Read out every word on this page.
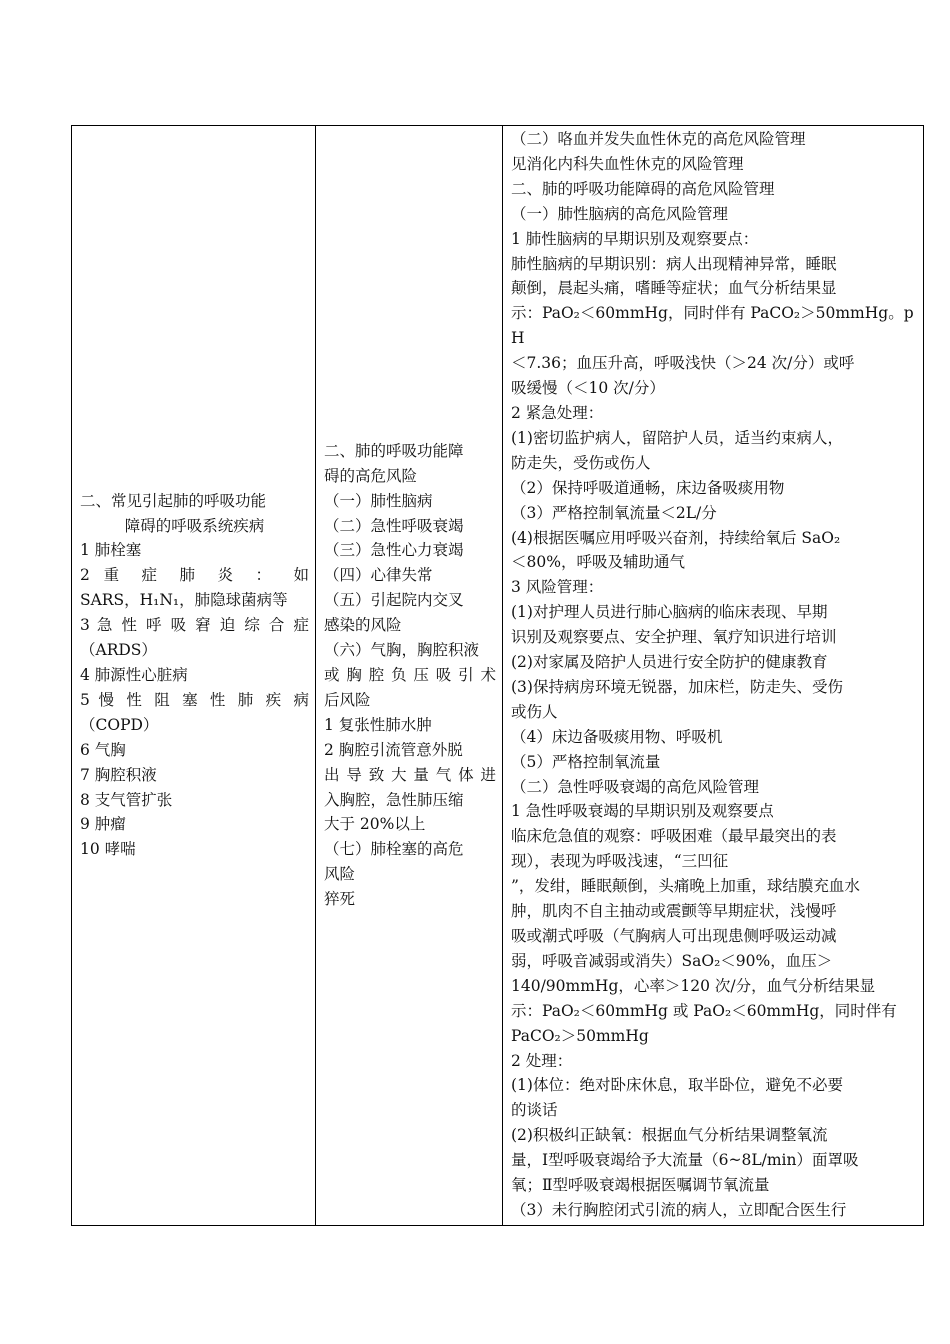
二、常见引起肺的呼吸功能
障碍的呼吸系统疾病
1 肺栓塞
2 重 症 肺 炎 ： 如
SARS，H₁N₁，肺隐球菌病等
3 急 性 呼 吸 窘 迫 综 合 症
（ARDS）
4 肺源性心脏病
5 慢 性 阻 塞 性 肺 疾 病
（COPD）
6 气胸
7 胸腔积液
8 支气管扩张
9 肿瘤
10 哮喘

二、肺的呼吸功能障
碍的高危风险
（一）肺性脑病
（二）急性呼吸衰竭
（三）急性心力衰竭
（四）心律失常
（五）引起院内交叉
感染的风险
（六）气胸，胸腔积液
或胸腔负压吸引术
后风险
1 复张性肺水肿
2 胸腔引流管意外脱
出导致大量气体进
入胸腔，急性肺压缩
大于 20%以上
（七）肺栓塞的高危
风险
猝死

（二）咯血并发失血性休克的高危风险管理
见消化内科失血性休克的风险管理
二、肺的呼吸功能障碍的高危风险管理
（一）肺性脑病的高危风险管理
1 肺性脑病的早期识别及观察要点：
肺性脑病的早期识别：病人出现精神异常，睡眠
颠倒，晨起头痛，嗜睡等症状；血气分析结果显
示：PaO₂＜60mmHg，同时伴有 PaCO₂＞50mmHg。pH
＜7.36；血压升高，呼吸浅快（＞24 次/分）或呼
吸缓慢（＜10 次/分）
2 紧急处理：
(1)密切监护病人，留陪护人员，适当约束病人，
防走失，受伤或伤人
（2）保持呼吸道通畅，床边备吸痰用物
（3）严格控制氧流量＜2L/分
(4)根据医嘱应用呼吸兴奋剂，持续给氧后 SaO₂
＜80%，呼吸及辅助通气
3 风险管理：
(1)对护理人员进行肺心脑病的临床表现、早期
识别及观察要点、安全护理、氧疗知识进行培训
(2)对家属及陪护人员进行安全防护的健康教育
(3)保持病房环境无锐器，加床栏，防走失、受伤
或伤人
（4）床边备吸痰用物、呼吸机
（5）严格控制氧流量
（二）急性呼吸衰竭的高危风险管理
1 急性呼吸衰竭的早期识别及观察要点
临床危急值的观察：呼吸困难（最早最突出的表
现），表现为呼吸浅速，“三凹征
”，发绀，睡眠颠倒，头痛晚上加重，球结膜充血水
肿，肌肉不自主抽动或震颤等早期症状，浅慢呼
吸或潮式呼吸（气胸病人可出现患侧呼吸运动减
弱，呼吸音减弱或消失）SaO₂＜90%，血压＞
140/90mmHg，心率＞120 次/分，血气分析结果显
示：PaO₂＜60mmHg 或 PaO₂＜60mmHg，同时伴有
PaCO₂＞50mmHg
2 处理：
(1)体位：绝对卧床休息，取半卧位，避免不必要
的谈话
(2)积极纠正缺氧：根据血气分析结果调整氧流
量，Ⅰ型呼吸衰竭给予大流量（6~8L/min）面罩吸
氧；Ⅱ型呼吸衰竭根据医嘱调节氧流量
（3）未行胸腔闭式引流的病人，立即配合医生行
